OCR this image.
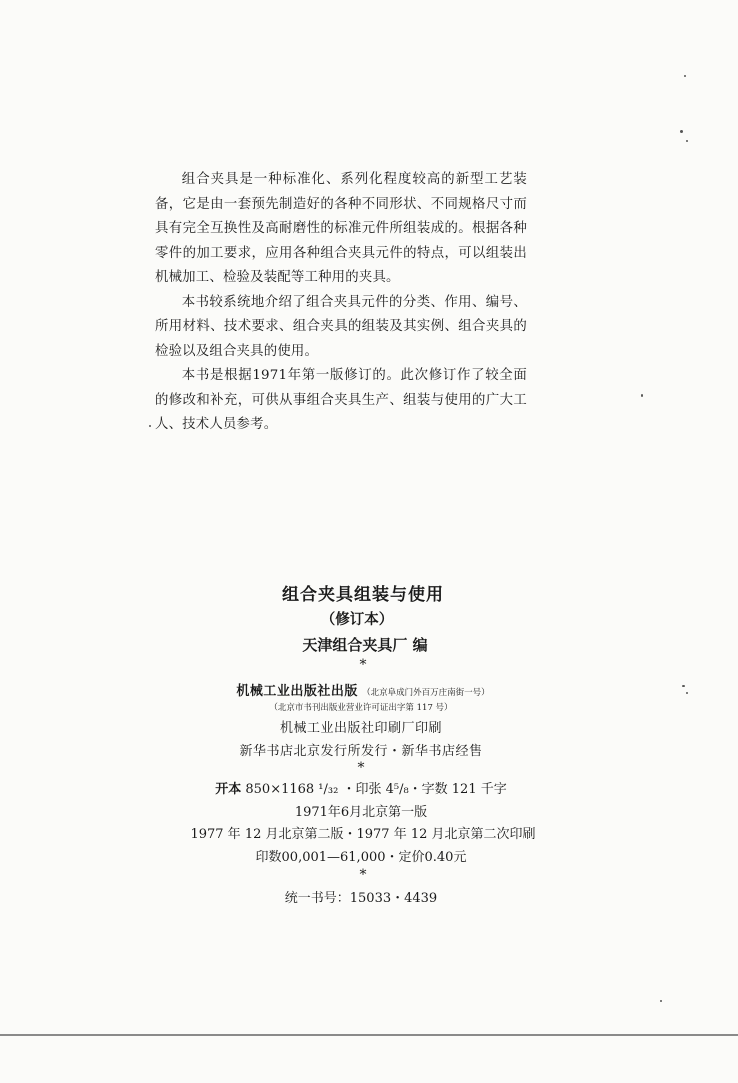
组合夹具是一种标准化、系列化程度较高的新型工艺装备，它是由一套预先制造好的各种不同形状、不同规格尺寸而具有完全互换性及高耐磨性的标准元件所组装成的。根据各种零件的加工要求，应用各种组合夹具元件的特点，可以组装出机械加工、检验及装配等工种用的夹具。

本书较系统地介绍了组合夹具元件的分类、作用、编号、所用材料、技术要求、组合夹具的组装及其实例、组合夹具的检验以及组合夹具的使用。

本书是根据1971年第一版修订的。此次修订作了较全面的修改和补充，可供从事组合夹具生产、组装与使用的广大工人、技术人员参考。

组合夹具组装与使用
（修订本）
天津组合夹具厂 编
*
机械工业出版社出版 （北京阜成门外百万庄南街一号）
（北京市书刊出版业营业许可证出字第 117 号）
机械工业出版社印刷厂印刷
新华书店北京发行所发行・新华书店经售
*
开本 850×1168 ¹/₃₂ ・印张 4⁵/₈・字数 121 千字
1971年6月北京第一版
1977 年 12 月北京第二版・1977 年 12 月北京第二次印刷
印数00,001—61,000・定价0.40元
*
统一书号：15033・4439
